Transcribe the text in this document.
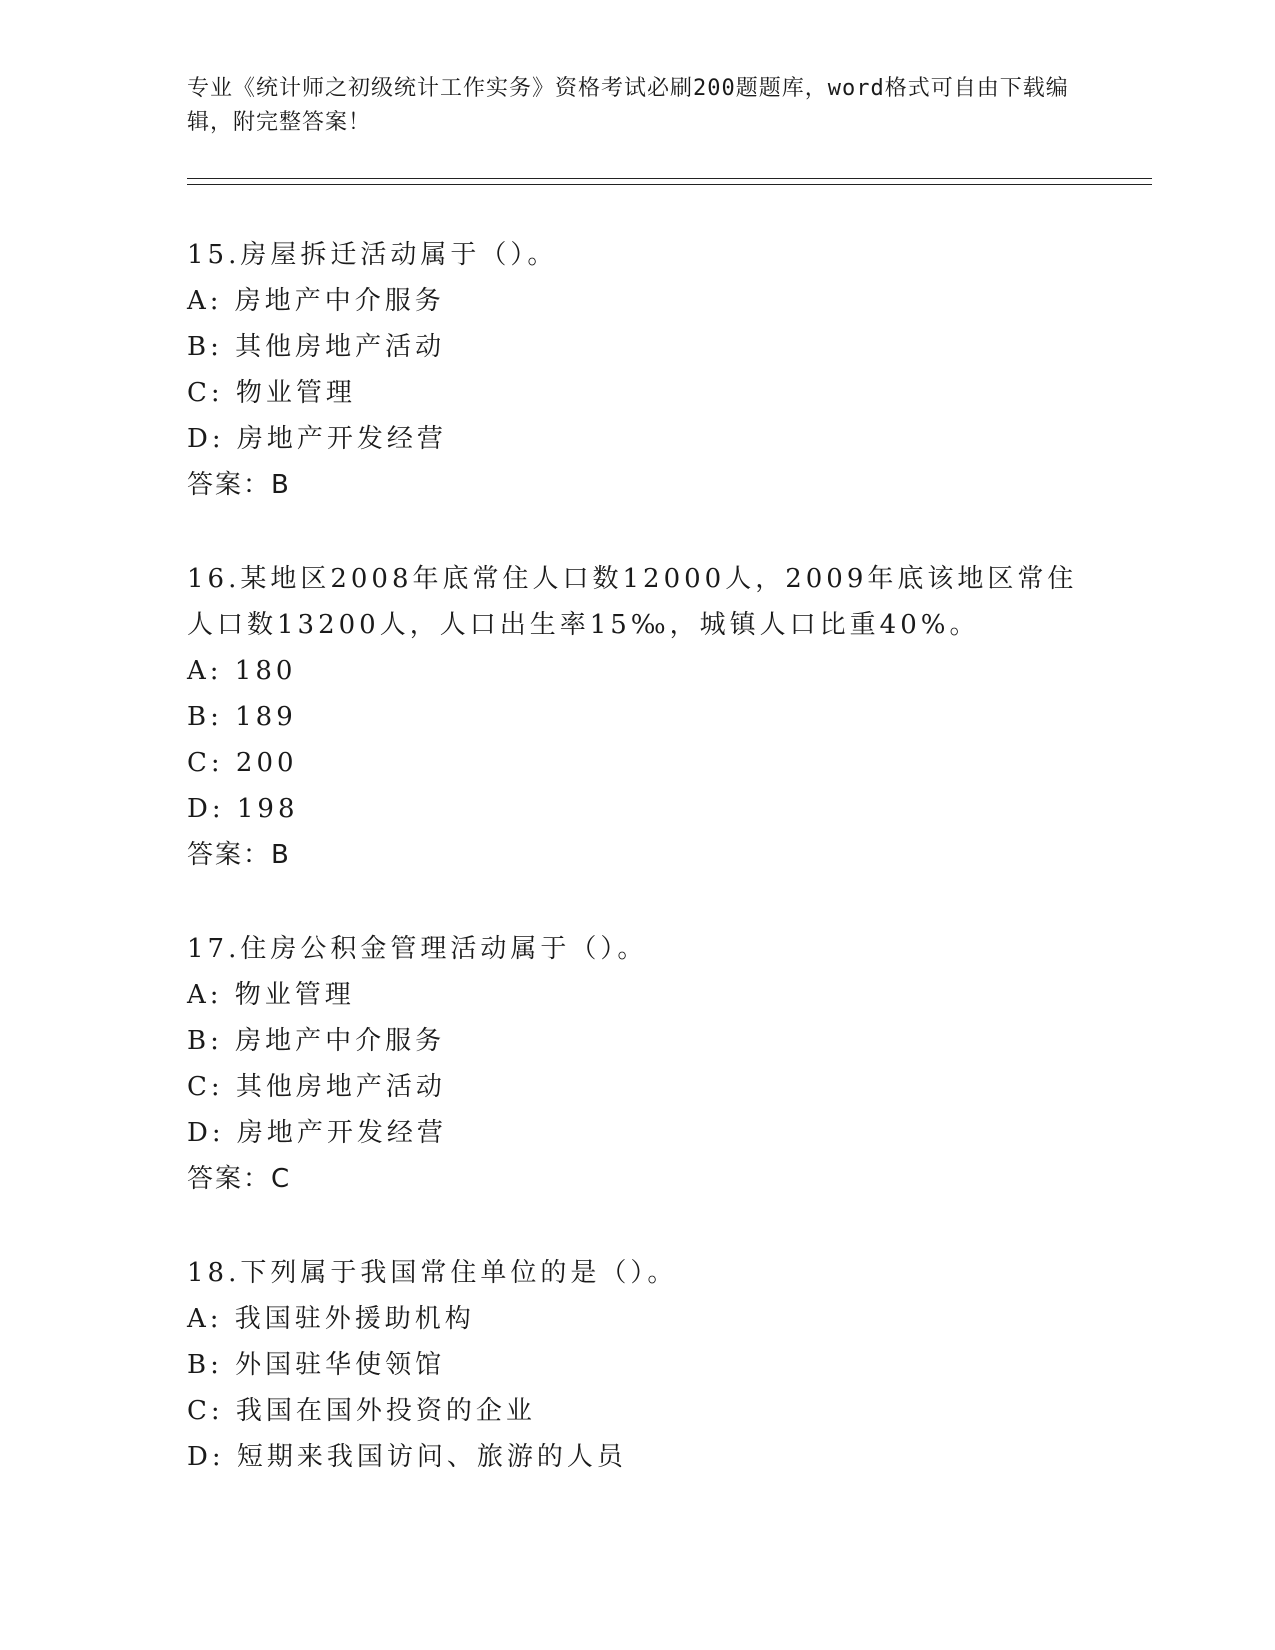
专业《统计师之初级统计工作实务》资格考试必刷200题题库，word格式可自由下载编辑，附完整答案！
15.房屋拆迁活动属于（）。
A: 房地产中介服务
B: 其他房地产活动
C: 物业管理
D: 房地产开发经营
答案：B
16.某地区2008年底常住人口数12000人，2009年底该地区常住人口数13200人，人口出生率15‰，城镇人口比重40%。
A: 180
B: 189
C: 200
D: 198
答案：B
17.住房公积金管理活动属于（）。
A: 物业管理
B: 房地产中介服务
C: 其他房地产活动
D: 房地产开发经营
答案：C
18.下列属于我国常住单位的是（）。
A: 我国驻外援助机构
B: 外国驻华使领馆
C: 我国在国外投资的企业
D: 短期来我国访问、旅游的人员
